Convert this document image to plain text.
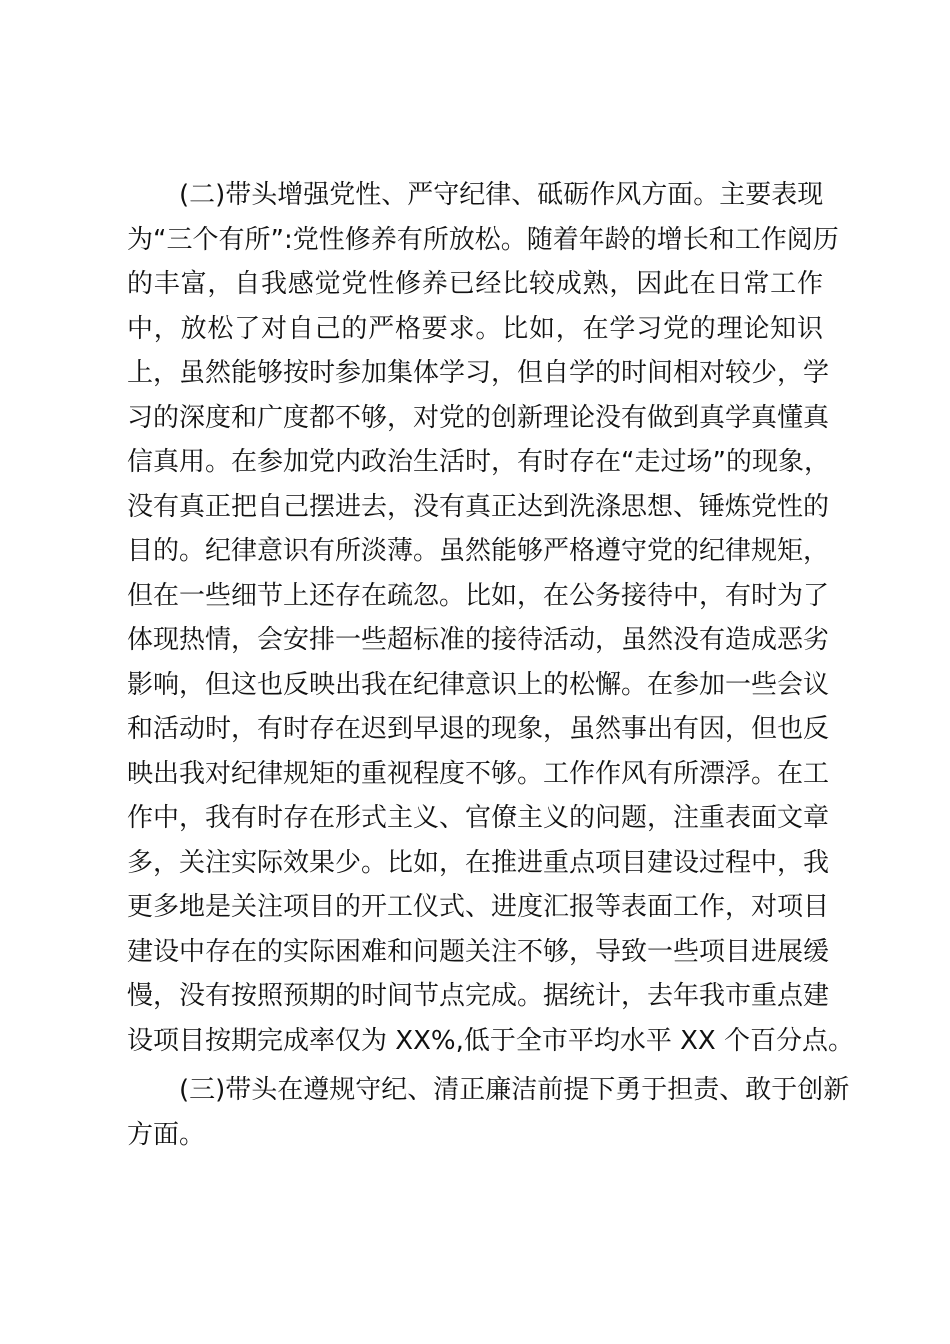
(二)带头增强党性、严守纪律、砥砺作风方面。主要表现
为“三个有所”:党性修养有所放松。随着年龄的增长和工作阅历
的丰富，自我感觉党性修养已经比较成熟，因此在日常工作
中，放松了对自己的严格要求。比如，在学习党的理论知识
上，虽然能够按时参加集体学习，但自学的时间相对较少，学
习的深度和广度都不够，对党的创新理论没有做到真学真懂真
信真用。在参加党内政治生活时，有时存在“走过场”的现象，
没有真正把自己摆进去，没有真正达到洗涤思想、锤炼党性的
目的。纪律意识有所淡薄。虽然能够严格遵守党的纪律规矩，
但在一些细节上还存在疏忽。比如，在公务接待中，有时为了
体现热情，会安排一些超标准的接待活动，虽然没有造成恶劣
影响，但这也反映出我在纪律意识上的松懈。在参加一些会议
和活动时，有时存在迟到早退的现象，虽然事出有因，但也反
映出我对纪律规矩的重视程度不够。工作作风有所漂浮。在工
作中，我有时存在形式主义、官僚主义的问题，注重表面文章
多，关注实际效果少。比如，在推进重点项目建设过程中，我
更多地是关注项目的开工仪式、进度汇报等表面工作，对项目
建设中存在的实际困难和问题关注不够，导致一些项目进展缓
慢，没有按照预期的时间节点完成。据统计，去年我市重点建
设项目按期完成率仅为 XX%,低于全市平均水平 XX 个百分点。
(三)带头在遵规守纪、清正廉洁前提下勇于担责、敢于创新
方面。
